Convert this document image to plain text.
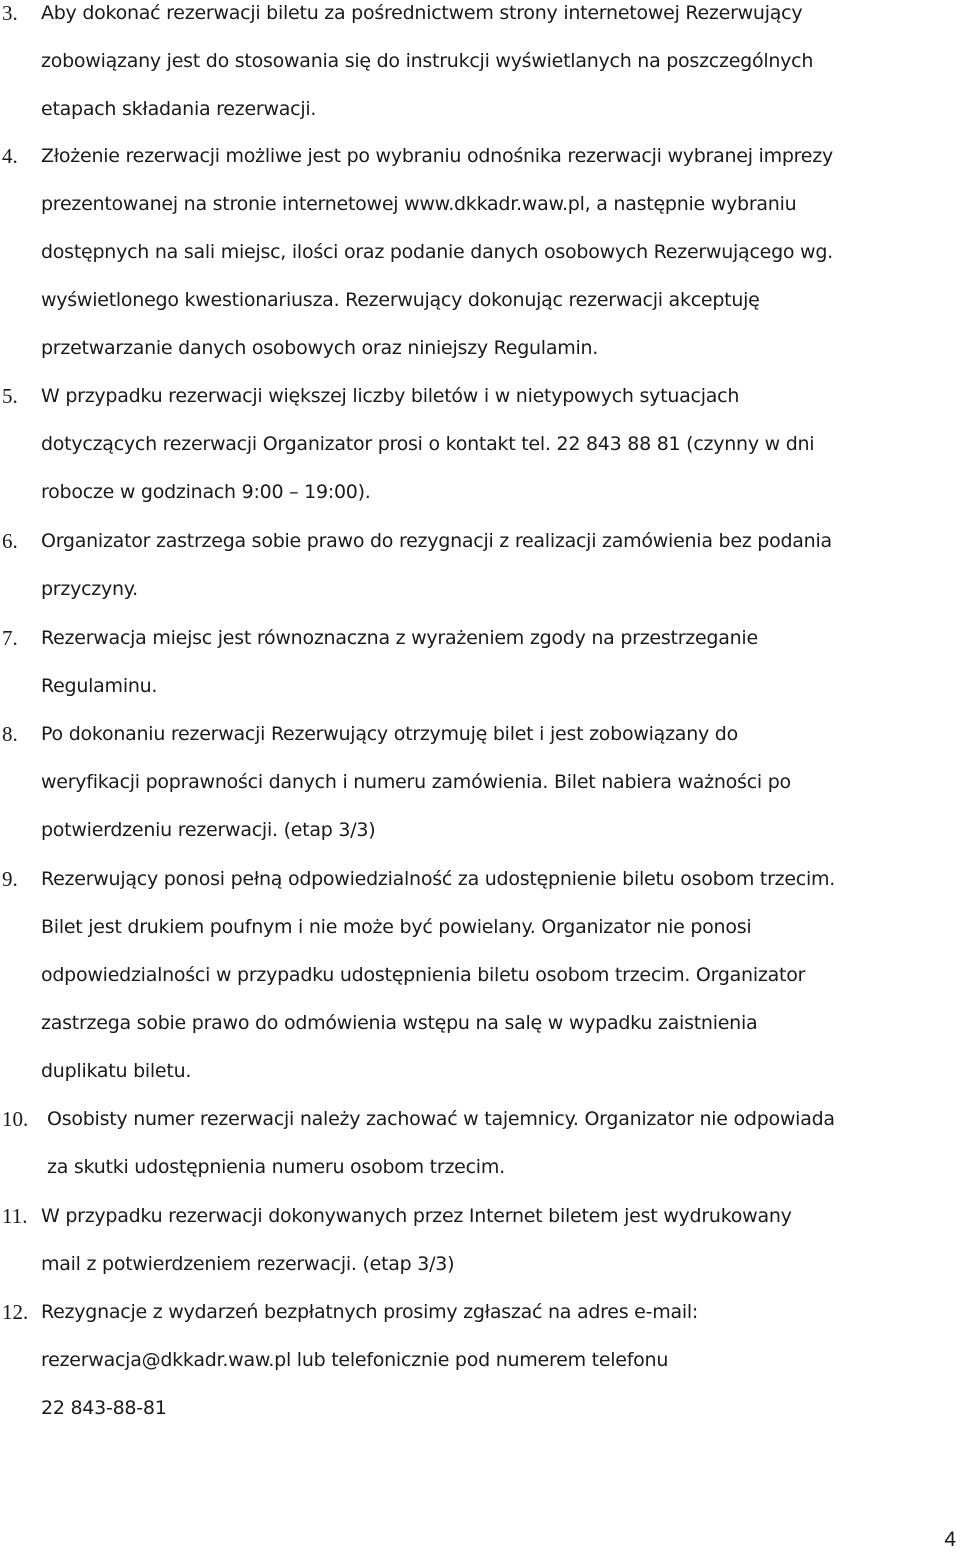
3. Aby dokonać rezerwacji biletu za pośrednictwem strony internetowej Rezerwujący
zobowiązany jest do stosowania się do instrukcji wyświetlanych na poszczególnych
etapach składania rezerwacji.
4. Złożenie rezerwacji możliwe jest po wybraniu odnośnika rezerwacji wybranej imprezy
prezentowanej na stronie internetowej www.dkkadr.waw.pl, a następnie wybraniu
dostępnych na sali miejsc, ilości oraz podanie danych osobowych Rezerwującego wg.
wyświetlonego kwestionariusza. Rezerwujący dokonując rezerwacji akceptuję
przetwarzanie danych osobowych oraz niniejszy Regulamin.
5. W przypadku rezerwacji większej liczby biletów i w nietypowych sytuacjach
dotyczących rezerwacji Organizator prosi o kontakt tel. 22 843 88 81 (czynny w dni
robocze w godzinach 9:00 – 19:00).
6. Organizator zastrzega sobie prawo do rezygnacji z realizacji zamówienia bez podania
przyczyny.
7. Rezerwacja miejsc jest równoznaczna z wyrażeniem zgody na przestrzeganie
Regulaminu.
8. Po dokonaniu rezerwacji Rezerwujący otrzymuję bilet i jest zobowiązany do
weryfikacji poprawności danych i numeru zamówienia. Bilet nabiera ważności po
potwierdzeniu rezerwacji. (etap 3/3)
9. Rezerwujący ponosi pełną odpowiedzialność za udostępnienie biletu osobom trzecim.
Bilet jest drukiem poufnym i nie może być powielany. Organizator nie ponosi
odpowiedzialności w przypadku udostępnienia biletu osobom trzecim. Organizator
zastrzega sobie prawo do odmówienia wstępu na salę w wypadku zaistnienia
duplikatu biletu.
10. Osobisty numer rezerwacji należy zachować w tajemnicy. Organizator nie odpowiada
za skutki udostępnienia numeru osobom trzecim.
11. W przypadku rezerwacji dokonywanych przez Internet biletem jest wydrukowany
mail z potwierdzeniem rezerwacji. (etap 3/3)
12. Rezygnacje z wydarzeń bezpłatnych prosimy zgłaszać na adres e-mail:
rezerwacja@dkkadr.waw.pl lub telefonicznie pod numerem telefonu
22 843-88-81
4
